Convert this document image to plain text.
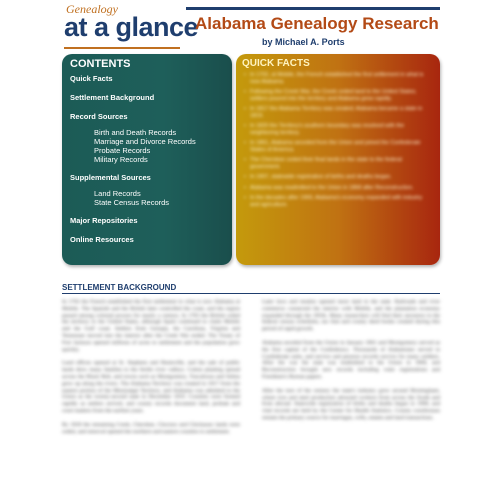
Genealogy
at a glance
Alabama Genealogy Research
by Michael A. Ports
CONTENTS
Quick Facts
Settlement Background
Record Sources
Birth and Death Records
Marriage and Divorce Records
Probate Records
Military Records
Supplemental Sources
Land Records
State Census Records
Major Repositories
Online Resources
QUICK FACTS
• In 1702, at Mobile, the French established the first settlement in what is now Alabama.
• Following the Creek War, the Creek ceded land to the United States; settlers poured into the territory and Alabama grew rapidly.
• In 1817 the Alabama Territory was created; Alabama became a state in 1819.
• In 1820 the Territory's southern boundary was resolved with the neighboring territory.
• In 1861, Alabama seceded from the Union and joined the Confederate States of America.
• The Cherokee ceded their final lands in the state to the federal government.
• In 1907, statewide registration of births and deaths began.
• Alabama was readmitted to the Union in 1868 after Reconstruction.
• In the decades after 1900, Alabama's economy expanded with industry and agriculture.
SETTLEMENT BACKGROUND

In 1702 the French established the first settlement in what is now Alabama at Mobile. The Spanish and the British later controlled the coast, and the region passed among colonial powers for nearly a century. In 1783 the British ceded the territory to the United States, although Spain continued to claim Mobile and the Gulf coast. Settlers from Georgia, the Carolinas, Virginia and Tennessee moved into the interior after the Creek War ended. The Treaty of Fort Jackson opened millions of acres to settlement and the population grew quickly.

Land offices opened at St. Stephens and Huntsville, and the sale of public lands drew many families to the fertile river valleys. Cotton planting spread across the Black Belt, and towns such as Montgomery, Tuscaloosa and Selma grew up along the rivers. The Alabama Territory was created in 1817 from the eastern portion of the Mississippi Territory, and Alabama was admitted to the Union as the twenty-second state in December 1819. Counties were formed rapidly as settlers arrived, and county records document land, probate and court matters from the earliest years.

By 1830 the remaining Creek, Cherokee, Choctaw and Chickasaw lands were ceded, and removal opened the northern and eastern counties to settlement.

Later laws and treaties opened more land in the state. Railroads and river commerce connected the interior with Mobile, and the plantation economy expanded through the 1850s. Many researchers will find their ancestors in the federal census schedules, tax lists and county deed books created during this period of rapid growth.

Alabama seceded from the Union in January 1861 and Montgomery served as the first capital of the Confederacy. Thousands of Alabamians served in Confederate units, and service and pension records survive for many soldiers. After the war the state was readmitted to the Union in 1868, and Reconstruction brought new records including voter registrations and Freedmen's Bureau papers.

After the turn of the century the state's industry grew around Birmingham, where iron and steel production attracted workers from across the South and from abroad. Statewide registration of births and deaths began in 1908, and vital records are held by the Center for Health Statistics. County courthouses remain the primary source for marriages, wills, estates and land transactions.
